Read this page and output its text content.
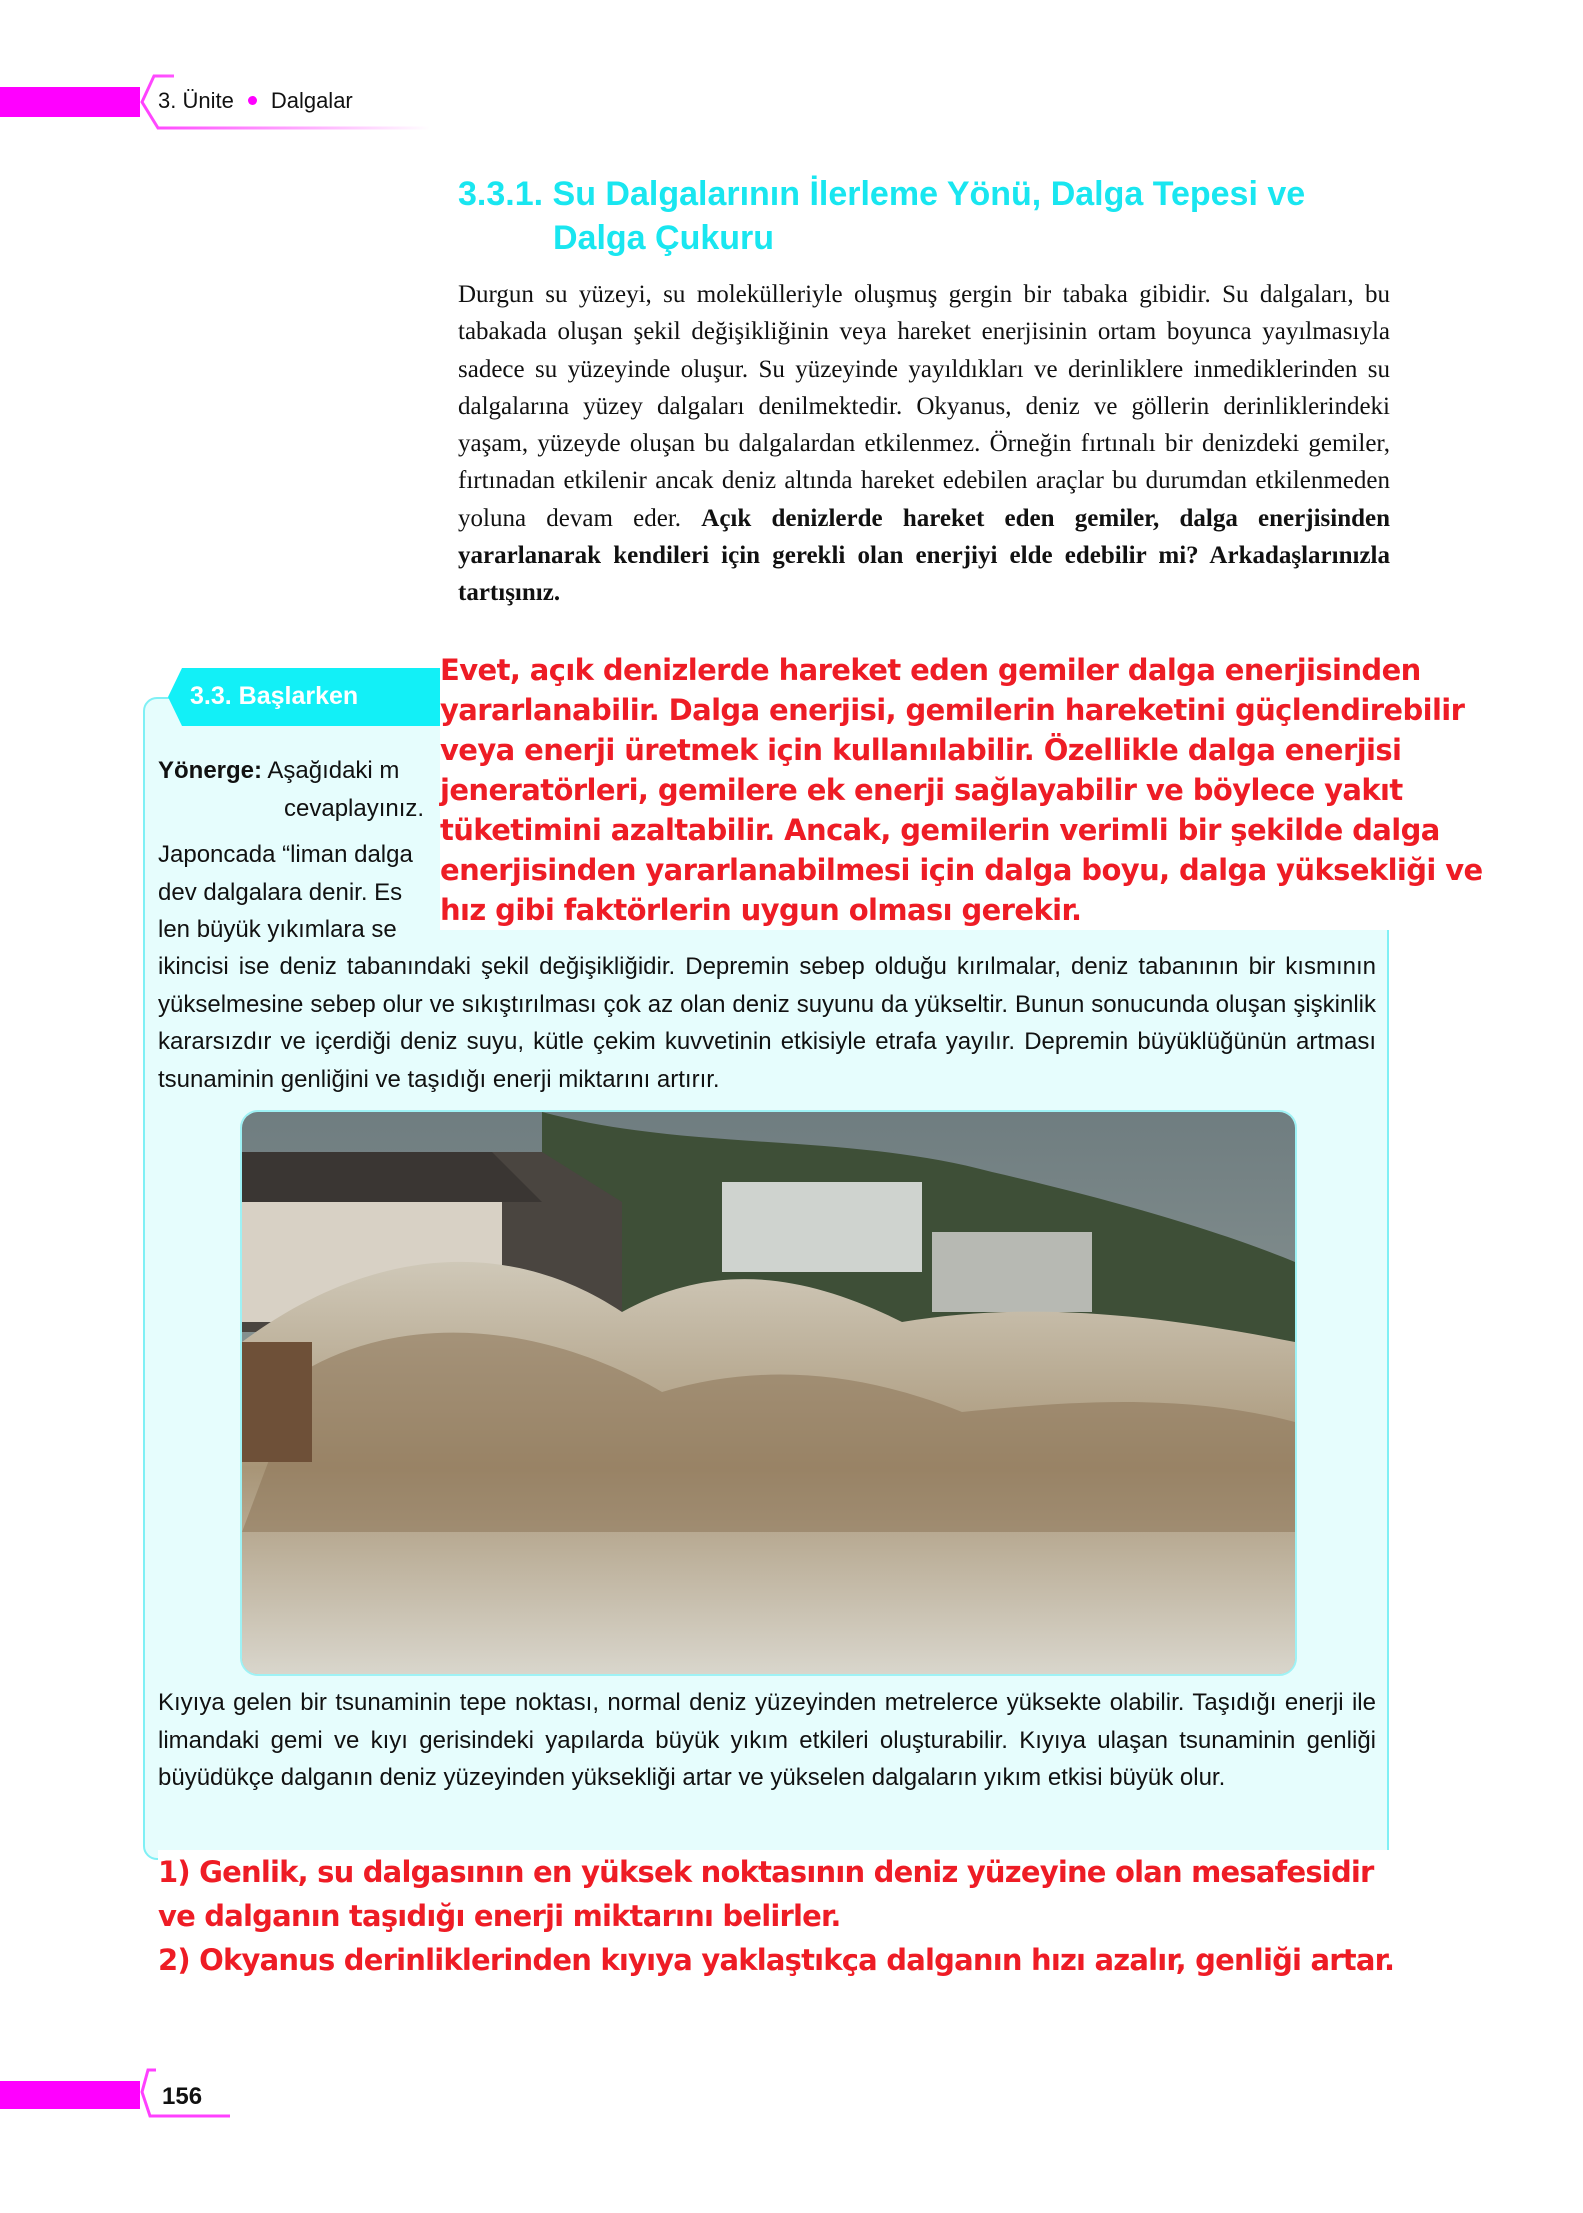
3. Ünite Dalgalar
3.3.1. Su Dalgalarının İlerleme Yönü, Dalga Tepesi ve
Dalga Çukuru
Durgun su yüzeyi, su molekülleriyle oluşmuş gergin bir tabaka gibidir. Su dalgaları, bu tabakada oluşan şekil değişikliğinin veya hareket enerjisinin ortam boyunca yayılmasıyla sadece su yüzeyinde oluşur. Su yüzeyinde yayıldıkları ve derinliklere inmediklerinden su dalgalarına yüzey dalgaları denilmektedir. Okyanus, deniz ve göllerin derinliklerindeki yaşam, yüzeyde oluşan bu dalgalardan etkilenmez. Örneğin fırtınalı bir denizdeki gemiler, fırtınadan etkilenir ancak deniz altında hareket edebilen araçlar bu durumdan etkilenmeden yoluna devam eder. Açık denizlerde hareket eden gemiler, dalga enerjisinden yararlanarak kendileri için gerekli olan enerjiyi elde edebilir mi? Arkadaşlarınızla tartışınız.
3.3. Başlarken
Yönerge: Aşağıdaki m
cevaplayınız.
Japoncada “liman dalga
dev dalgalara denir. Es
len büyük yıkımlara se
ikincisi ise deniz tabanındaki şekil değişikliğidir. Depremin sebep olduğu kırılmalar, deniz tabanının bir kısmının yükselmesine sebep olur ve sıkıştırılması çok az olan deniz suyunu da yükseltir. Bunun sonucunda oluşan şişkinlik kararsızdır ve içerdiği deniz suyu, kütle çekim kuvvetinin etkisiyle etrafa yayılır. Depremin büyüklüğünün artması tsunaminin genliğini ve taşıdığı enerji miktarını artırır.
Kıyıya gelen bir tsunaminin tepe noktası, normal deniz yüzeyinden metrelerce yüksekte olabilir. Taşıdığı enerji ile limandaki gemi ve kıyı gerisindeki yapılarda büyük yıkım etkileri oluşturabilir. Kıyıya ulaşan tsunaminin genliği büyüdükçe dalganın deniz yüzeyinden yüksekliği artar ve yükselen dalgaların yıkım etkisi büyük olur.
Evet, açık denizlerde hareket eden gemiler dalga enerjisinden yararlanabilir. Dalga enerjisi, gemilerin hareketini güçlendirebilir veya enerji üretmek için kullanılabilir. Özellikle dalga enerjisi jeneratörleri, gemilere ek enerji sağlayabilir ve böylece yakıt tüketimini azaltabilir. Ancak, gemilerin verimli bir şekilde dalga enerjisinden yararlanabilmesi için dalga boyu, dalga yüksekliği ve hız gibi faktörlerin uygun olması gerekir.
1) Genlik, su dalgasının en yüksek noktasının deniz yüzeyine olan mesafesidir ve dalganın taşıdığı enerji miktarını belirler.
2) Okyanus derinliklerinden kıyıya yaklaştıkça dalganın hızı azalır, genliği artar.
156
